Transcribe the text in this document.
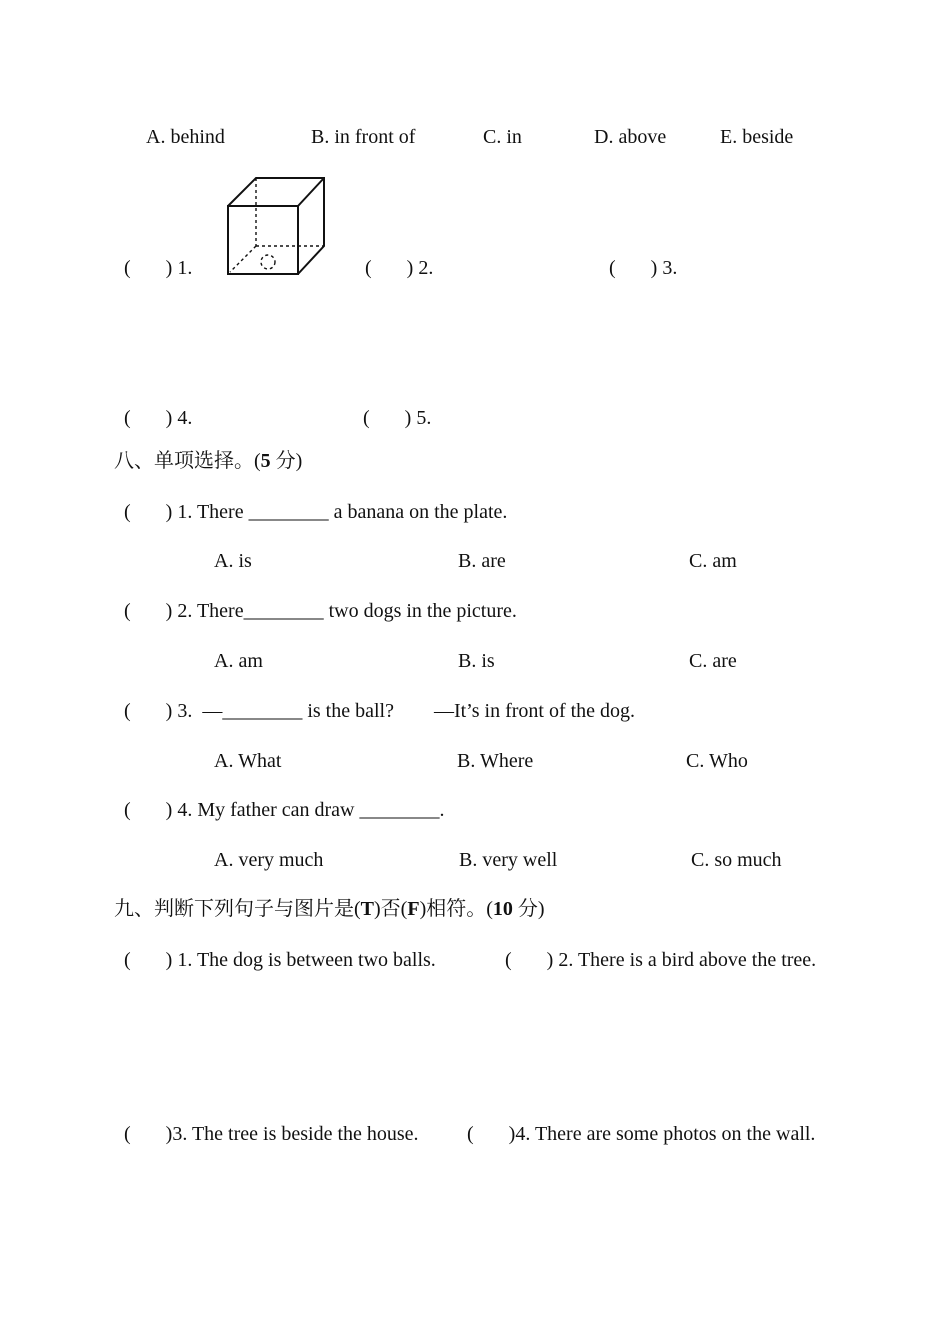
A. behind	B. in front of	C. in	D. above	E. beside
(       ) 1.	(       ) 2.	(       ) 3.
(       ) 4.	(       ) 5.
八、单项选择。(5 分)
(       ) 1. There ________ a banana on the plate.
A. is	B. are	C. am
(       ) 2. There________ two dogs in the picture.
A. am	B. is	C. are
(       ) 3.  —________ is the ball?        —It’s in front of the dog.
A. What	B. Where	C. Who
(       ) 4. My father can draw ________.
A. very much	B. very well	C. so much
九、判断下列句子与图片是(T)否(F)相符。(10 分)
(       ) 1. The dog is between two balls.	(       ) 2. There is a bird above the tree.
(       )3. The tree is beside the house. (       )4. There are some photos on the wall.
